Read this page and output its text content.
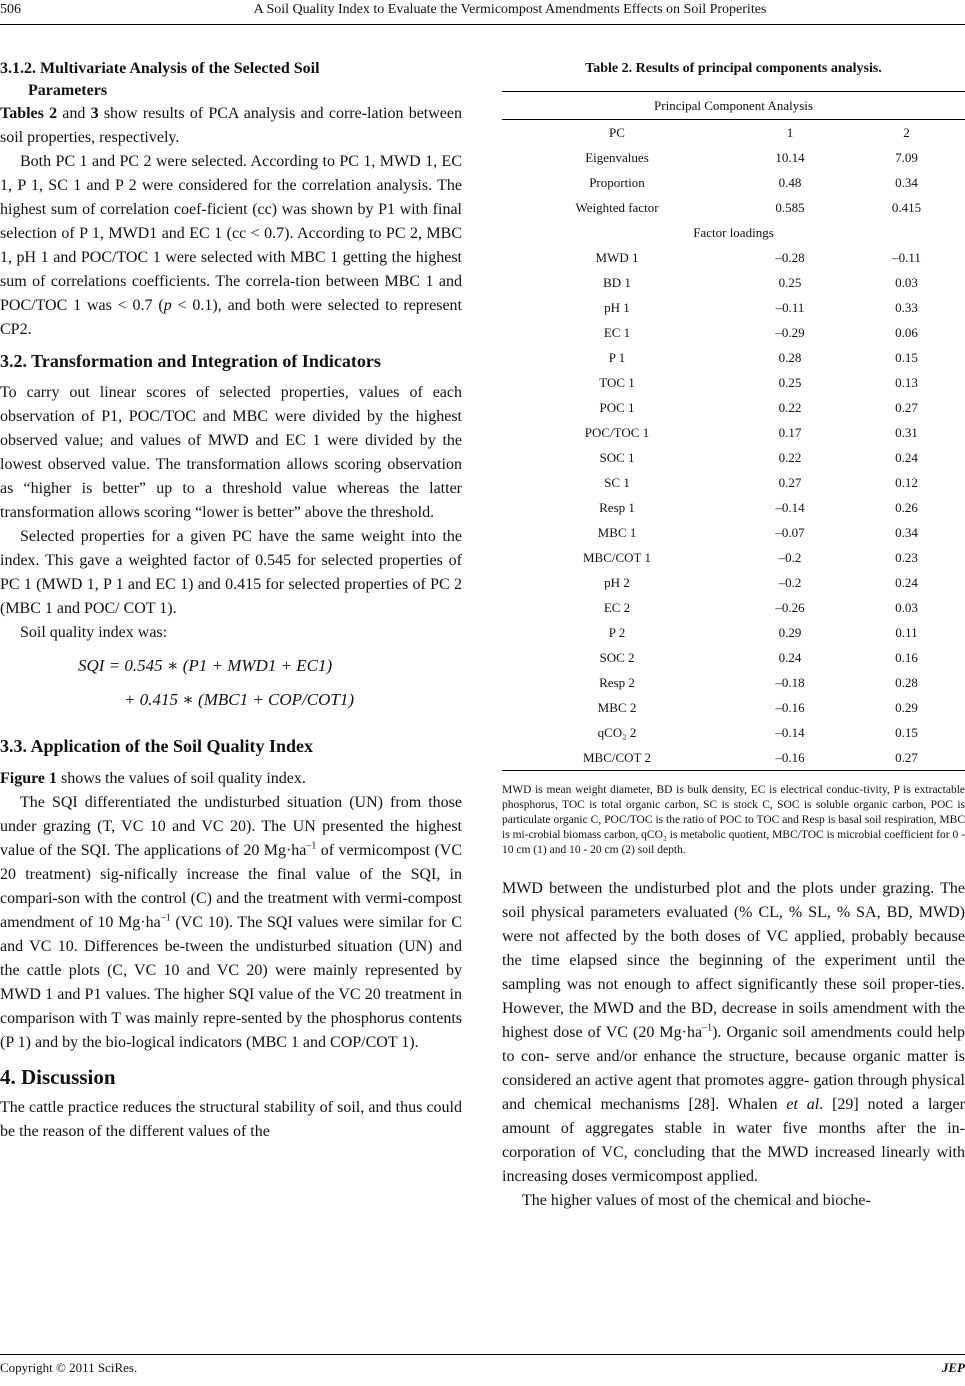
506	A Soil Quality Index to Evaluate the Vermicompost Amendments Effects on Soil Properites
3.1.2. Multivariate Analysis of the Selected Soil
Parameters

Tables 2 and 3 show results of PCA analysis and corre-lation between soil properties, respectively.

Both PC 1 and PC 2 were selected. According to PC 1, MWD 1, EC 1, P 1, SC 1 and P 2 were considered for the correlation analysis. The highest sum of correlation coef-ficient (cc) was shown by P1 with final selection of P 1, MWD1 and EC 1 (cc < 0.7). According to PC 2, MBC 1, pH 1 and POC/TOC 1 were selected with MBC 1 getting the highest sum of correlations coefficients. The correla-tion between MBC 1 and POC/TOC 1 was < 0.7 (p < 0.1), and both were selected to represent CP2.

3.2. Transformation and Integration of Indicators

To carry out linear scores of selected properties, values of each observation of P1, POC/TOC and MBC were divided by the highest observed value; and values of MWD and EC 1 were divided by the lowest observed value. The transformation allows scoring observation as “higher is better” up to a threshold value whereas the latter transformation allows scoring “lower is better” above the threshold.

Selected properties for a given PC have the same weight into the index. This gave a weighted factor of 0.545 for selected properties of PC 1 (MWD 1, P 1 and EC 1) and 0.415 for selected properties of PC 2 (MBC 1 and POC/ COT 1).

Soil quality index was:

SQI = 0.545 ∗ (P1 + MWD1 + EC1)
+ 0.415 ∗ (MBC1 + COP/COT1)
3.3. Application of the Soil Quality Index

Figure 1 shows the values of soil quality index.

The SQI differentiated the undisturbed situation (UN) from those under grazing (T, VC 10 and VC 20). The UN presented the highest value of the SQI. The applications of 20 $Mg\cdot ha^{-1}$ of vermicompost (VC 20 treatment) sig-nifically increase the final value of the SQI, in compari-son with the control (C) and the treatment with vermi-compost amendment of 10 $Mg\cdot ha^{-1}$ (VC 10). The SQI values were similar for C and VC 10. Differences be-tween the undisturbed situation (UN) and the cattle plots (C, VC 10 and VC 20) were mainly represented by MWD 1 and P1 values. The higher SQI value of the VC 20 treatment in comparison with T was mainly repre-sented by the phosphorus contents (P 1) and by the bio-logical indicators (MBC 1 and COP/COT 1).

4. Discussion

The cattle practice reduces the structural stability of soil, and thus could be the reason of the different values of the

Table 2. Results of principal components analysis.
Principal Component Analysis		
PC	1	2
Eigenvalues	10.14	7.09
Proportion	0.48	0.34
Weighted factor	0.585	0.415
Factor loadings		
MWD 1	–0.28	–0.11
BD 1	0.25	0.03
pH 1	–0.11	0.33
EC 1	–0.29	0.06
P 1	0.28	0.15
TOC 1	0.25	0.13
POC 1	0.22	0.27
POC/TOC 1	0.17	0.31
SOC 1	0.22	0.24
SC 1	0.27	0.12
Resp 1	–0.14	0.26
MBC 1	–0.07	0.34
MBC/COT 1	–0.2	0.23
pH 2	–0.2	0.24
EC 2	–0.26	0.03
P 2	0.29	0.11
SOC 2	0.24	0.16
Resp 2	–0.18	0.28
MBC 2	–0.16	0.29
qCO₂ 2	–0.14	0.15
MBC/COT 2	–0.16	0.27
MWD is mean weight diameter, BD is bulk density, EC is electrical conduc-tivity, P is extractable phosphorus, TOC is total organic carbon, SC is stock C, SOC is soluble organic carbon, POC is particulate organic C, POC/TOC is the ratio of POC to TOC and Resp is basal soil respiration, MBC is mi-crobial biomass carbon, qCO₂ is metabolic quotient, MBC/TOC is microbial coefficient for 0 - 10 cm (1) and 10 - 20 cm (2) soil depth.

MWD between the undisturbed plot and the plots under grazing. The soil physical parameters evaluated (% CL, % SL, % SA, BD, MWD) were not affected by the both doses of VC applied, probably because the time elapsed since the beginning of the experiment until the sampling was not enough to affect significantly these soil proper-ties. However, the MWD and the BD, decrease in soils amendment with the highest dose of VC (20 $Mg\cdot ha^{-1}$). Organic soil amendments could help to con- serve and/or enhance the structure, because organic matter is considered an active agent that promotes aggre- gation through physical and chemical mechanisms [28]. Whalen et al. [29] noted a larger amount of aggregates stable in water five months after the in- corporation of VC, concluding that the MWD increased linearly with increasing doses vermicompost applied.

The higher values of most of the chemical and bioche-

Copyright © 2011 SciRes.	JEP
